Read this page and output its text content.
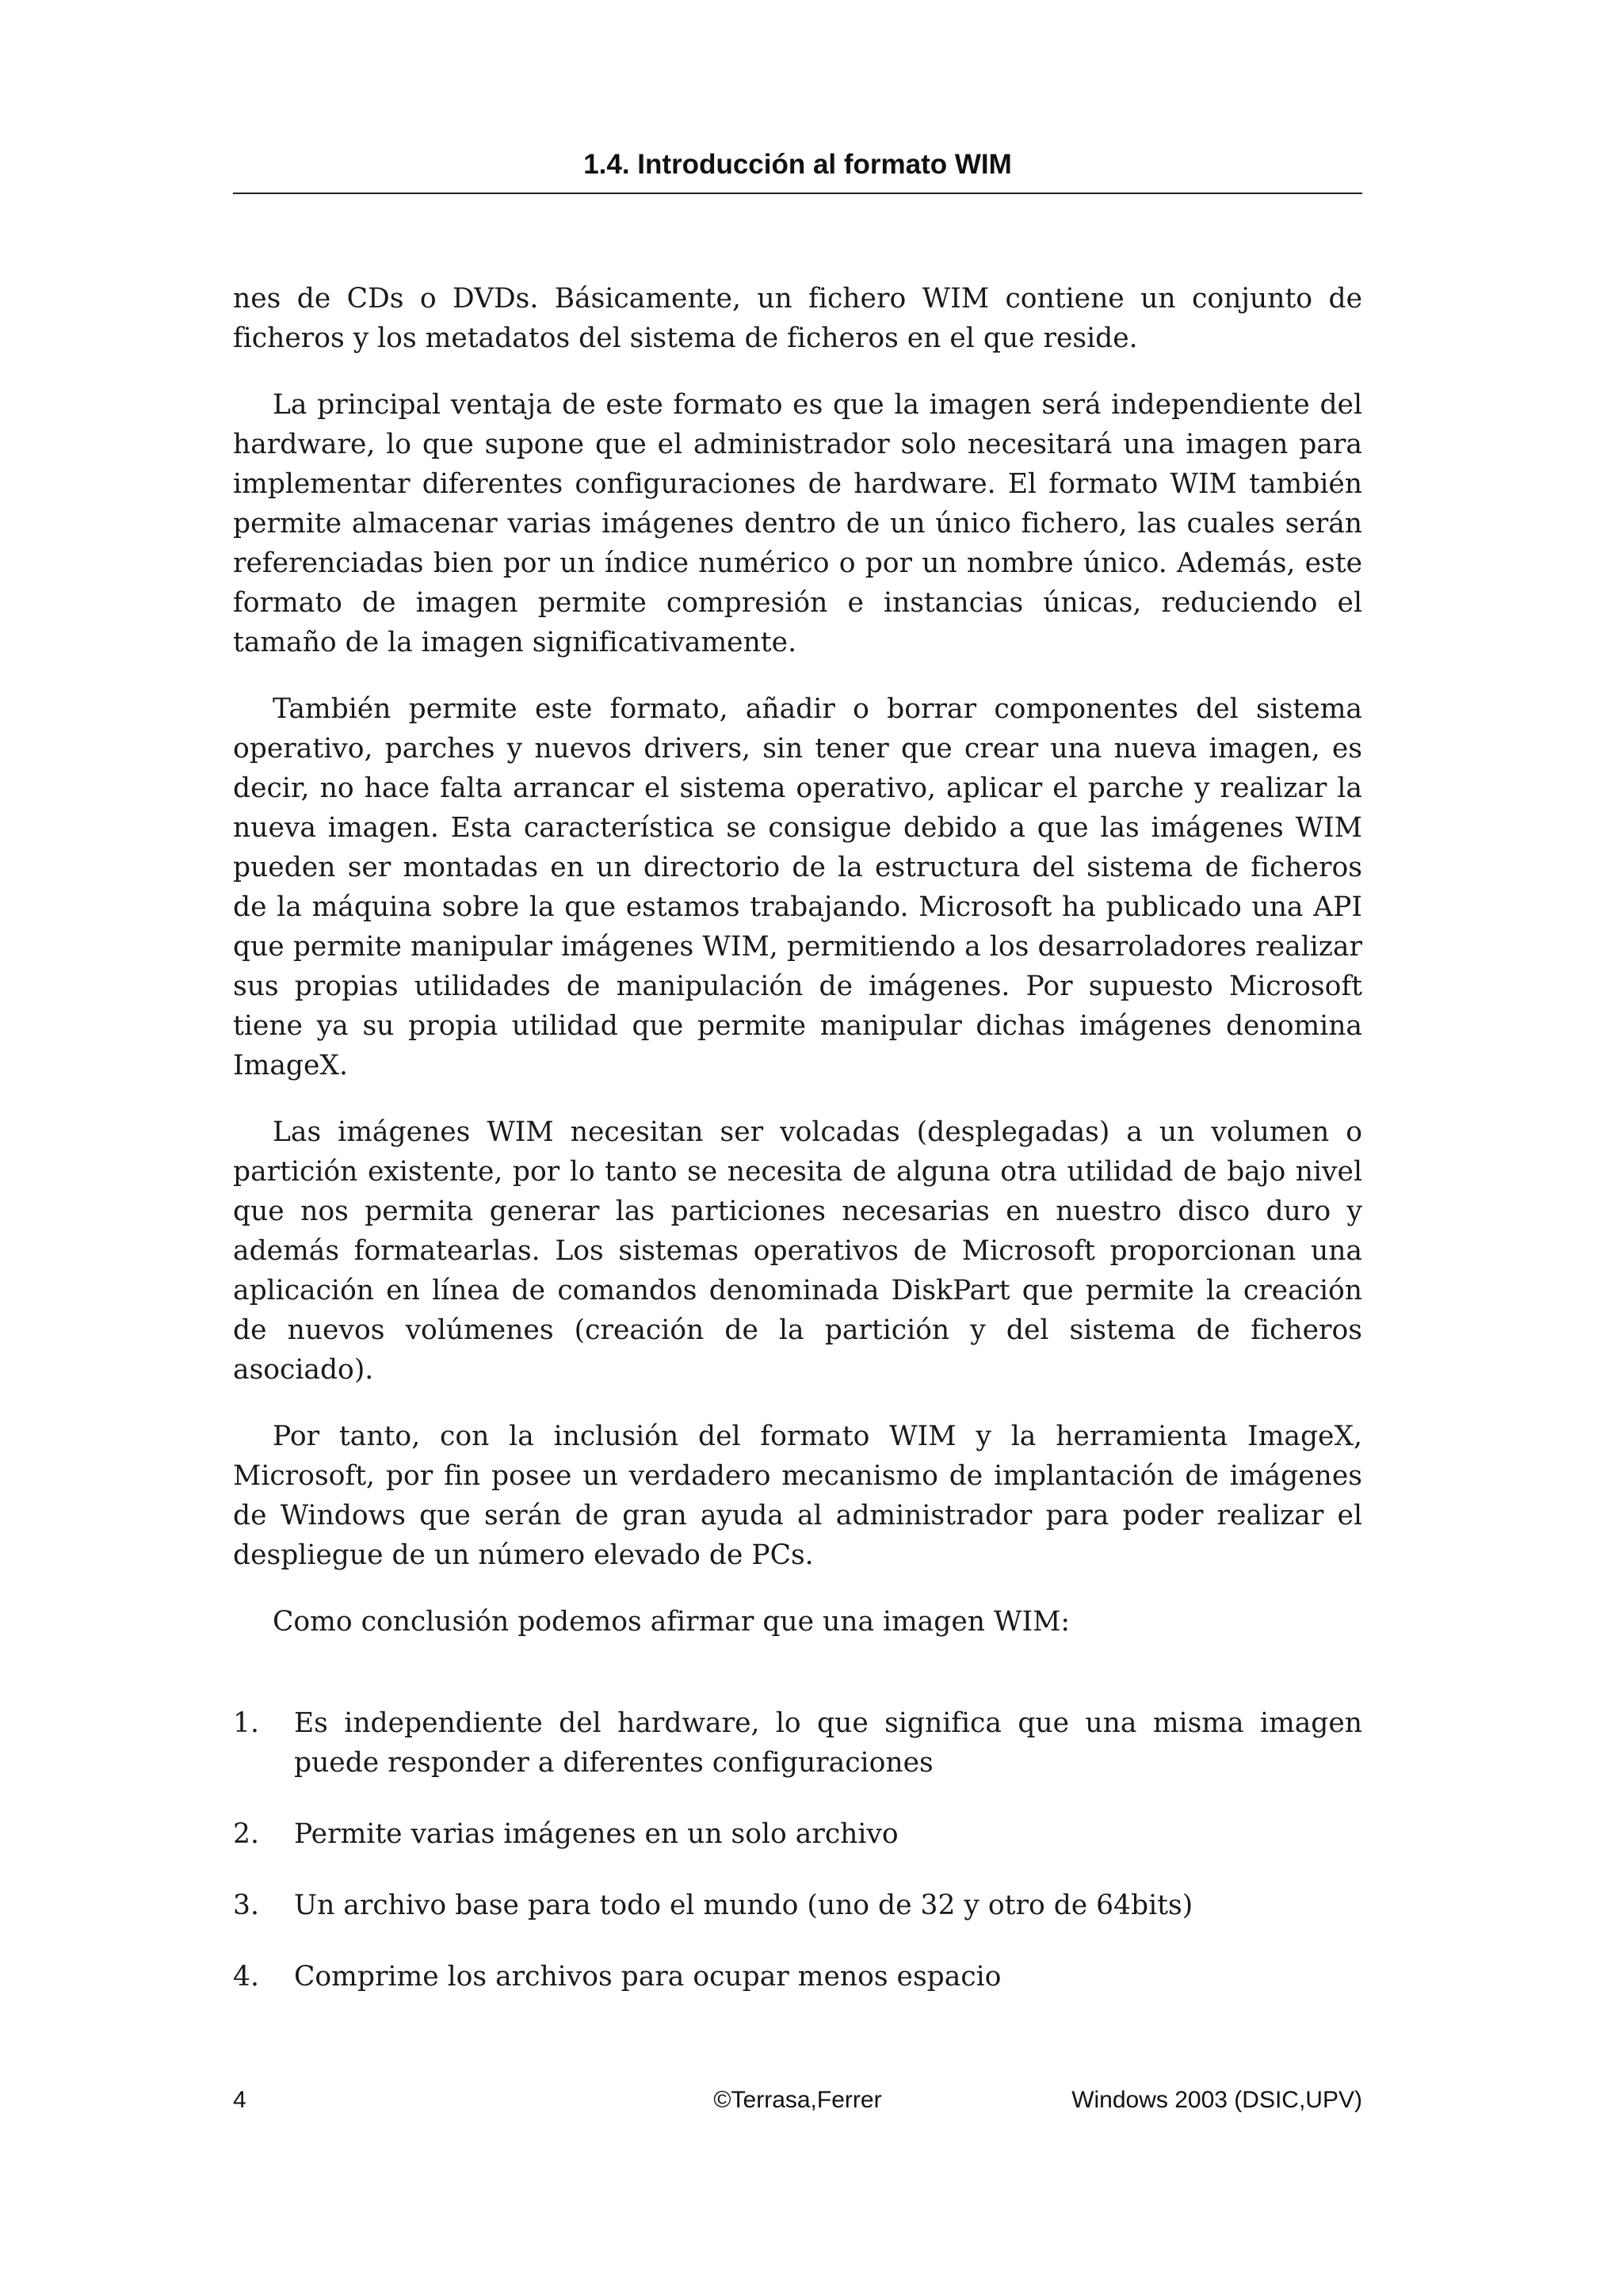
1.4. Introducción al formato WIM

nes de CDs o DVDs. Básicamente, un fichero WIM contiene un conjunto de ficheros y los metadatos del sistema de ficheros en el que reside.

La principal ventaja de este formato es que la imagen será independiente del hardware, lo que supone que el administrador solo necesitará una imagen para implementar diferentes configuraciones de hardware. El formato WIM también permite almacenar varias imágenes dentro de un único fichero, las cuales serán referenciadas bien por un índice numérico o por un nombre único. Además, este formato de imagen permite compresión e instancias únicas, reduciendo el tamaño de la imagen significativamente.

También permite este formato, añadir o borrar componentes del sistema operativo, parches y nuevos drivers, sin tener que crear una nueva imagen, es decir, no hace falta arrancar el sistema operativo, aplicar el parche y realizar la nueva imagen. Esta característica se consigue debido a que las imágenes WIM pueden ser montadas en un directorio de la estructura del sistema de ficheros de la máquina sobre la que estamos trabajando. Microsoft ha publicado una API que permite manipular imágenes WIM, permitiendo a los desarroladores realizar sus propias utilidades de manipulación de imágenes. Por supuesto Microsoft tiene ya su propia utilidad que permite manipular dichas imágenes denomina ImageX.

Las imágenes WIM necesitan ser volcadas (desplegadas) a un volumen o partición existente, por lo tanto se necesita de alguna otra utilidad de bajo nivel que nos permita generar las particiones necesarias en nuestro disco duro y además formatearlas. Los sistemas operativos de Microsoft proporcionan una aplicación en línea de comandos denominada DiskPart que permite la creación de nuevos volúmenes (creación de la partición y del sistema de ficheros asociado).

Por tanto, con la inclusión del formato WIM y la herramienta ImageX, Microsoft, por fin posee un verdadero mecanismo de implantación de imágenes de Windows que serán de gran ayuda al administrador para poder realizar el despliegue de un número elevado de PCs.

Como conclusión podemos afirmar que una imagen WIM:

1. Es independiente del hardware, lo que significa que una misma imagen puede responder a diferentes configuraciones
2. Permite varias imágenes en un solo archivo
3. Un archivo base para todo el mundo (uno de 32 y otro de 64bits)
4. Comprime los archivos para ocupar menos espacio
4	©Terrasa,Ferrer	Windows 2003 (DSIC,UPV)
